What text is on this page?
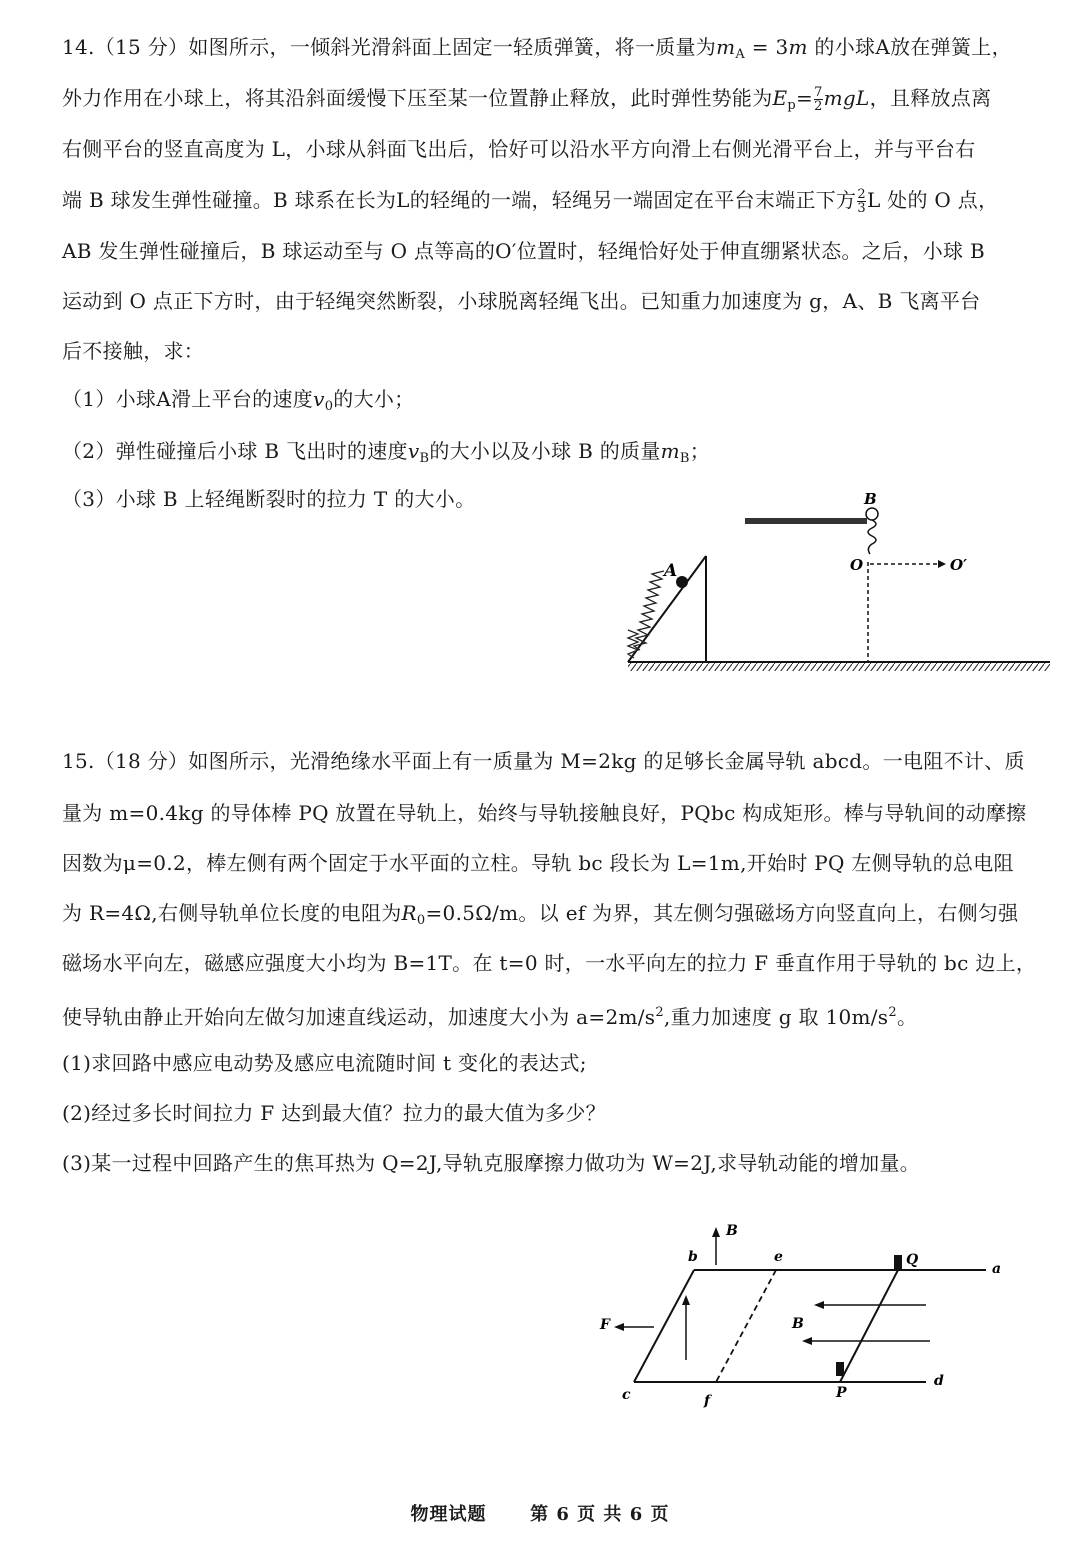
14.（15 分）如图所示，一倾斜光滑斜面上固定一轻质弹簧，将一质量为$m_A = 3m$ 的小球A放在弹簧上，
外力作用在小球上，将其沿斜面缓慢下压至某一位置静止释放，此时弹性势能为$E_p= \frac{7}{2}$ mgL，且释放点离
右侧平台的竖直高度为 L，小球从斜面飞出后，恰好可以沿水平方向滑上右侧光滑平台上，并与平台右
端 B 球发生弹性碰撞。B 球系在长为L的轻绳的一端，轻绳另一端固定在平台末端正下方 $\frac{2}{3}$ L 处的 O 点，
AB 发生弹性碰撞后，B 球运动至与 O 点等高的O′位置时，轻绳恰好处于伸直绷紧状态。之后，小球 B
运动到 O 点正下方时，由于轻绳突然断裂，小球脱离轻绳飞出。已知重力加速度为 g，A、B 飞离平台
后不接触，求：
（1）小球A滑上平台的速度$v_0$的大小；
（2）弹性碰撞后小球 B 飞出时的速度$v_B$的大小以及小球 B 的质量$m_B$；
（3）小球 B 上轻绳断裂时的拉力 T 的大小。
A
B
O	O′
15.（18 分）如图所示，光滑绝缘水平面上有一质量为 M=2kg 的足够长金属导轨 abcd。一电阻不计、质
量为 m=0.4kg 的导体棒 PQ 放置在导轨上，始终与导轨接触良好，PQbc 构成矩形。棒与导轨间的动摩擦
因数为μ=0.2，棒左侧有两个固定于水平面的立柱。导轨 bc 段长为 L=1m,开始时 PQ 左侧导轨的总电阻
为 R=4Ω,右侧导轨单位长度的电阻为$R_0=0.5\Omega/m$。以 ef 为界，其左侧匀强磁场方向竖直向上，右侧匀强
磁场水平向左，磁感应强度大小均为 B=1T。在 t=0 时，一水平向左的拉力 F 垂直作用于导轨的 bc 边上，
使导轨由静止开始向左做匀加速直线运动，加速度大小为 $a=2m/s^2$,重力加速度 g 取 $10m/s^2$。
(1)求回路中感应电动势及感应电流随时间 t 变化的表达式;
(2)经过多长时间拉力 F 达到最大值？拉力的最大值为多少？
(3)某一过程中回路产生的焦耳热为 Q=2J,导轨克服摩擦力做功为 W=2J,求导轨动能的增加量。
B
b	e	Q
a
F	B
c	f	P
d
物理试题 第 6 页 共 6 页
